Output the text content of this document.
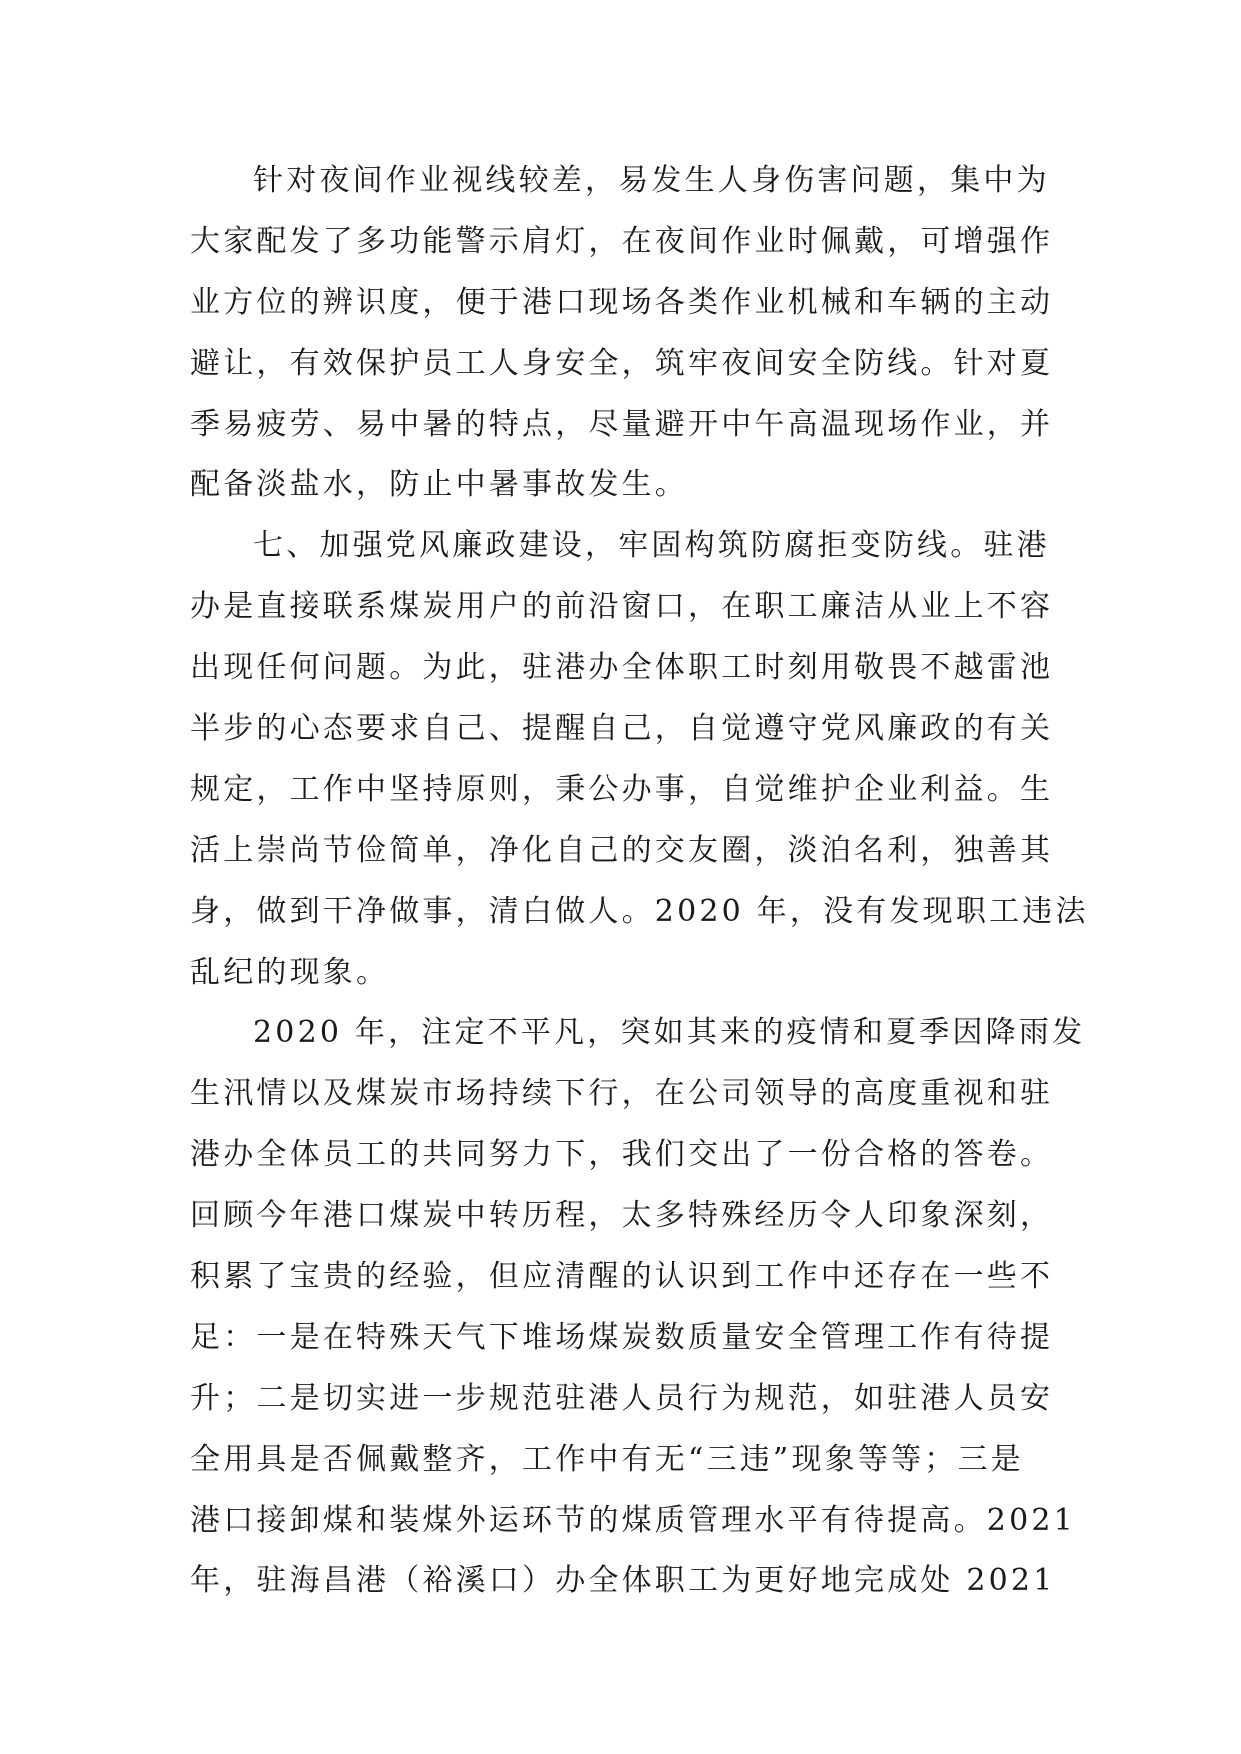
针对夜间作业视线较差，易发生人身伤害问题，集中为
大家配发了多功能警示肩灯，在夜间作业时佩戴，可增强作
业方位的辨识度，便于港口现场各类作业机械和车辆的主动
避让，有效保护员工人身安全，筑牢夜间安全防线。针对夏
季易疲劳、易中暑的特点，尽量避开中午高温现场作业，并
配备淡盐水，防止中暑事故发生。
七、加强党风廉政建设，牢固构筑防腐拒变防线。驻港
办是直接联系煤炭用户的前沿窗口，在职工廉洁从业上不容
出现任何问题。为此，驻港办全体职工时刻用敬畏不越雷池
半步的心态要求自己、提醒自己，自觉遵守党风廉政的有关
规定，工作中坚持原则，秉公办事，自觉维护企业利益。生
活上崇尚节俭简单，净化自己的交友圈，淡泊名利，独善其
身，做到干净做事，清白做人。2020 年，没有发现职工违法
乱纪的现象。
2020 年，注定不平凡，突如其来的疫情和夏季因降雨发
生汛情以及煤炭市场持续下行，在公司领导的高度重视和驻
港办全体员工的共同努力下，我们交出了一份合格的答卷。
回顾今年港口煤炭中转历程，太多特殊经历令人印象深刻，
积累了宝贵的经验，但应清醒的认识到工作中还存在一些不
足：一是在特殊天气下堆场煤炭数质量安全管理工作有待提
升；二是切实进一步规范驻港人员行为规范，如驻港人员安
全用具是否佩戴整齐，工作中有无“三违”现象等等；三是
港口接卸煤和装煤外运环节的煤质管理水平有待提高。2021
年，驻海昌港（裕溪口）办全体职工为更好地完成处 2021
